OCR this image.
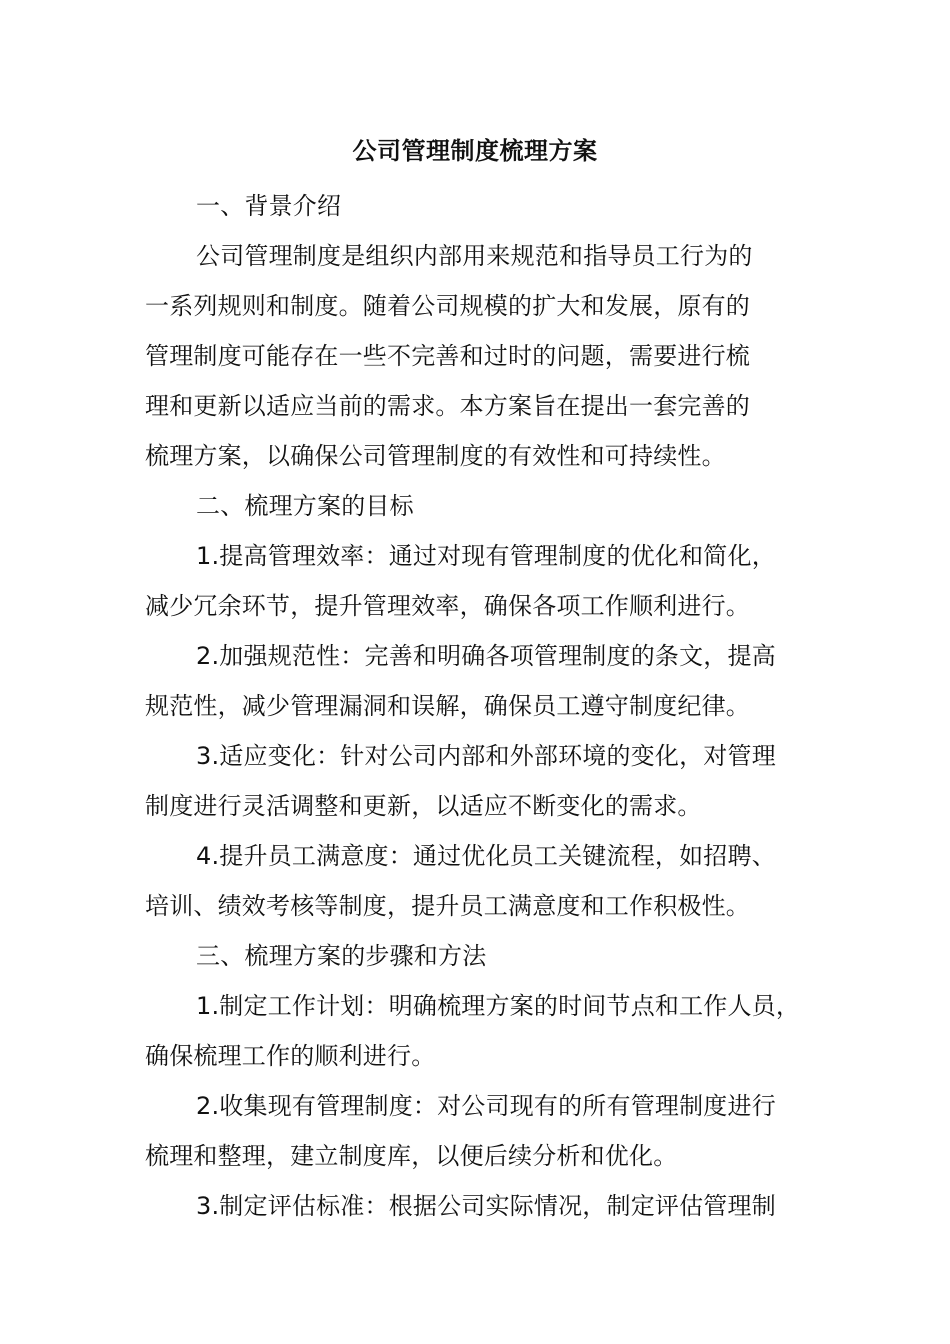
公司管理制度梳理方案
一、背景介绍
公司管理制度是组织内部用来规范和指导员工行为的
一系列规则和制度。随着公司规模的扩大和发展，原有的
管理制度可能存在一些不完善和过时的问题，需要进行梳
理和更新以适应当前的需求。本方案旨在提出一套完善的
梳理方案，以确保公司管理制度的有效性和可持续性。
二、梳理方案的目标
1.提高管理效率：通过对现有管理制度的优化和简化，
减少冗余环节，提升管理效率，确保各项工作顺利进行。
2.加强规范性：完善和明确各项管理制度的条文，提高
规范性，减少管理漏洞和误解，确保员工遵守制度纪律。
3.适应变化：针对公司内部和外部环境的变化，对管理
制度进行灵活调整和更新，以适应不断变化的需求。
4.提升员工满意度：通过优化员工关键流程，如招聘、
培训、绩效考核等制度，提升员工满意度和工作积极性。
三、梳理方案的步骤和方法
1.制定工作计划：明确梳理方案的时间节点和工作人员，
确保梳理工作的顺利进行。
2.收集现有管理制度：对公司现有的所有管理制度进行
梳理和整理，建立制度库，以便后续分析和优化。
3.制定评估标准：根据公司实际情况，制定评估管理制
